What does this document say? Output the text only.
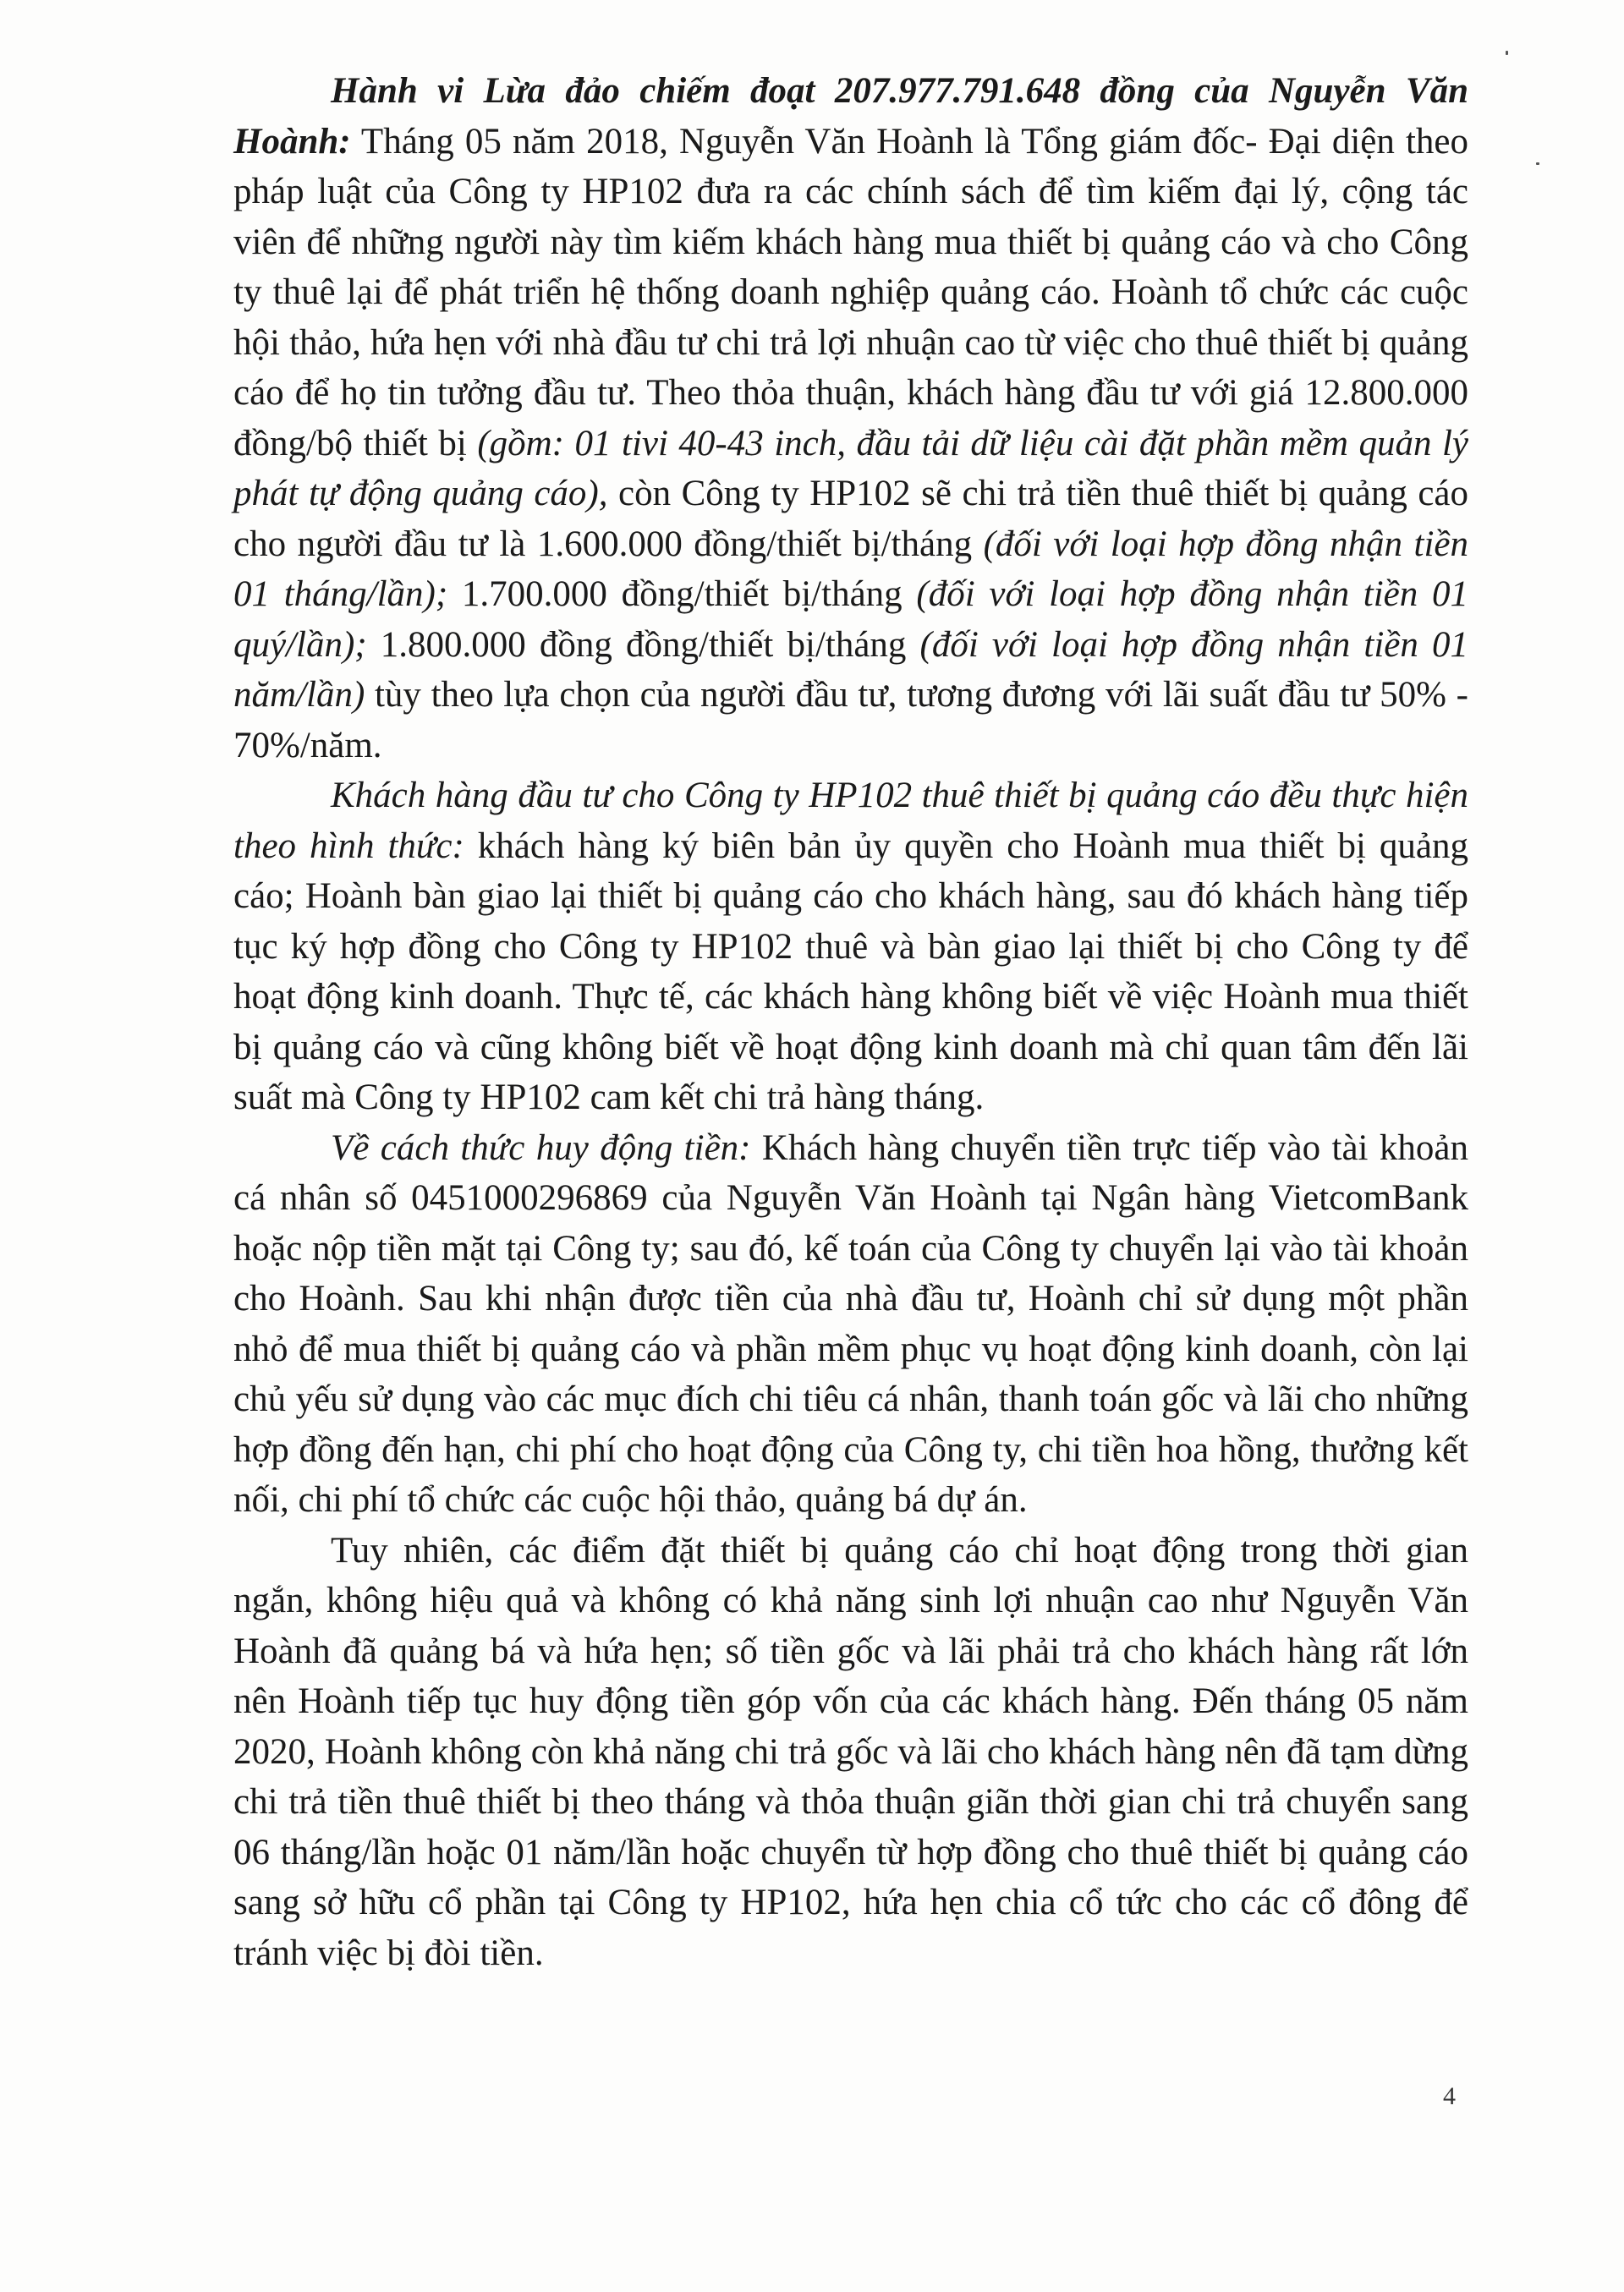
Hành vi Lừa đảo chiếm đoạt 207.977.791.648 đồng của Nguyễn Văn Hoành: Tháng 05 năm 2018, Nguyễn Văn Hoành là Tổng giám đốc- Đại diện theo pháp luật của Công ty HP102 đưa ra các chính sách để tìm kiếm đại lý, cộng tác viên để những người này tìm kiếm khách hàng mua thiết bị quảng cáo và cho Công ty thuê lại để phát triển hệ thống doanh nghiệp quảng cáo. Hoành tổ chức các cuộc hội thảo, hứa hẹn với nhà đầu tư chi trả lợi nhuận cao từ việc cho thuê thiết bị quảng cáo để họ tin tưởng đầu tư. Theo thỏa thuận, khách hàng đầu tư với giá 12.800.000 đồng/bộ thiết bị (gồm: 01 tivi 40-43 inch, đầu tải dữ liệu cài đặt phần mềm quản lý phát tự động quảng cáo), còn Công ty HP102 sẽ chi trả tiền thuê thiết bị quảng cáo cho người đầu tư là 1.600.000 đồng/thiết bị/tháng (đối với loại hợp đồng nhận tiền 01 tháng/lần); 1.700.000 đồng/thiết bị/tháng (đối với loại hợp đồng nhận tiền 01 quý/lần); 1.800.000 đồng đồng/thiết bị/tháng (đối với loại hợp đồng nhận tiền 01 năm/lần) tùy theo lựa chọn của người đầu tư, tương đương với lãi suất đầu tư 50% - 70%/năm.

Khách hàng đầu tư cho Công ty HP102 thuê thiết bị quảng cáo đều thực hiện theo hình thức: khách hàng ký biên bản ủy quyền cho Hoành mua thiết bị quảng cáo; Hoành bàn giao lại thiết bị quảng cáo cho khách hàng, sau đó khách hàng tiếp tục ký hợp đồng cho Công ty HP102 thuê và bàn giao lại thiết bị cho Công ty để hoạt động kinh doanh. Thực tế, các khách hàng không biết về việc Hoành mua thiết bị quảng cáo và cũng không biết về hoạt động kinh doanh mà chỉ quan tâm đến lãi suất mà Công ty HP102 cam kết chi trả hàng tháng.

Về cách thức huy động tiền: Khách hàng chuyển tiền trực tiếp vào tài khoản cá nhân số 0451000296869 của Nguyễn Văn Hoành tại Ngân hàng VietcomBank hoặc nộp tiền mặt tại Công ty; sau đó, kế toán của Công ty chuyển lại vào tài khoản cho Hoành. Sau khi nhận được tiền của nhà đầu tư, Hoành chỉ sử dụng một phần nhỏ để mua thiết bị quảng cáo và phần mềm phục vụ hoạt động kinh doanh, còn lại chủ yếu sử dụng vào các mục đích chi tiêu cá nhân, thanh toán gốc và lãi cho những hợp đồng đến hạn, chi phí cho hoạt động của Công ty, chi tiền hoa hồng, thưởng kết nối, chi phí tổ chức các cuộc hội thảo, quảng bá dự án.

Tuy nhiên, các điểm đặt thiết bị quảng cáo chỉ hoạt động trong thời gian ngắn, không hiệu quả và không có khả năng sinh lợi nhuận cao như Nguyễn Văn Hoành đã quảng bá và hứa hẹn; số tiền gốc và lãi phải trả cho khách hàng rất lớn nên Hoành tiếp tục huy động tiền góp vốn của các khách hàng. Đến tháng 05 năm 2020, Hoành không còn khả năng chi trả gốc và lãi cho khách hàng nên đã tạm dừng chi trả tiền thuê thiết bị theo tháng và thỏa thuận giãn thời gian chi trả chuyển sang 06 tháng/lần hoặc 01 năm/lần hoặc chuyển từ hợp đồng cho thuê thiết bị quảng cáo sang sở hữu cổ phần tại Công ty HP102, hứa hẹn chia cổ tức cho các cổ đông để tránh việc bị đòi tiền.

4
